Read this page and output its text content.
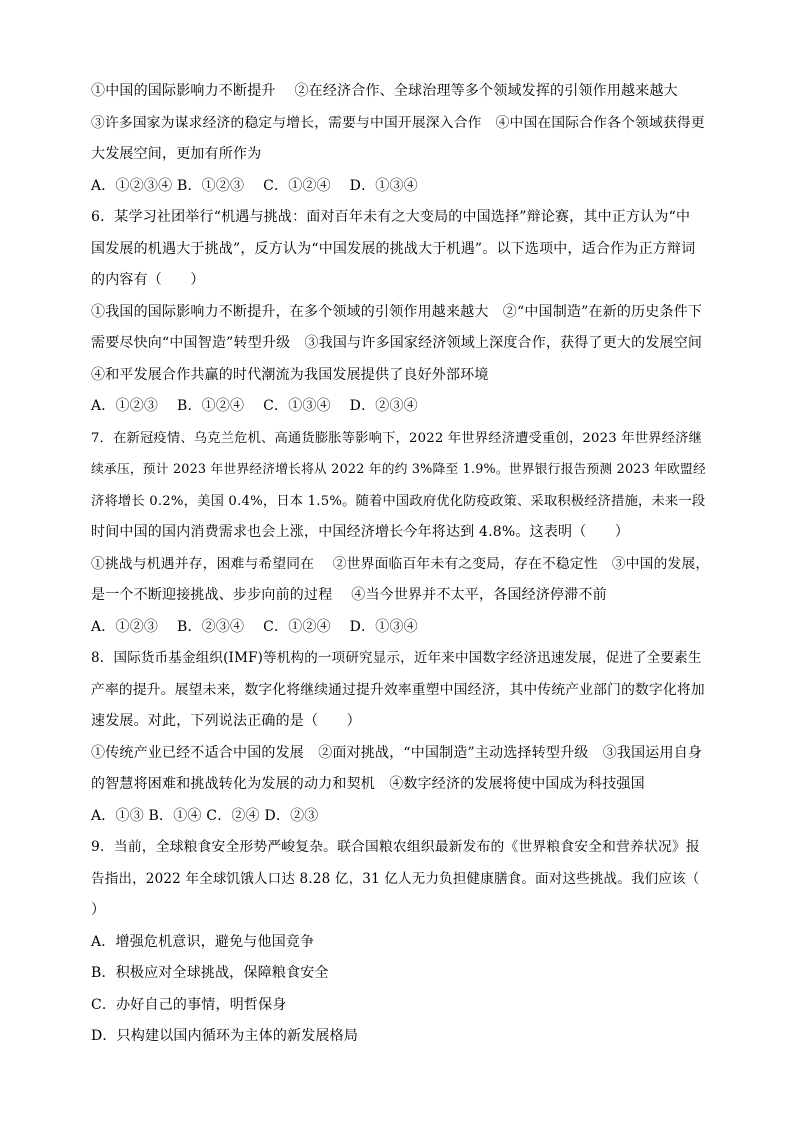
①中国的国际影响力不断提升　 ②在经济合作、全球治理等多个领域发挥的引领作用越来越大
③许多国家为谋求经济的稳定与增长，需要与中国开展深入合作　④中国在国际合作各个领域获得更
大发展空间，更加有所作为
A．①②③④ B．①②③　 C．①②④　 D．①③④
6．某学习社团举行“机遇与挑战：面对百年未有之大变局的中国选择”辩论赛，其中正方认为“中
国发展的机遇大于挑战”，反方认为“中国发展的挑战大于机遇”。以下选项中，适合作为正方辩词
的内容有（　　）
①我国的国际影响力不断提升，在多个领域的引领作用越来越大　②“中国制造”在新的历史条件下
需要尽快向“中国智造”转型升级　③我国与许多国家经济领域上深度合作，获得了更大的发展空间
④和平发展合作共赢的时代潮流为我国发展提供了良好外部环境
A．①②③　 B．①②④　 C．①③④　 D．②③④
7．在新冠疫情、乌克兰危机、高通货膨胀等影响下，2022 年世界经济遭受重创，2023 年世界经济继
续承压，预计 2023 年世界经济增长将从 2022 年的约 3%降至 1.9%。世界银行报告预测 2023 年欧盟经
济将增长 0.2%，美国 0.4%，日本 1.5%。随着中国政府优化防疫政策、采取积极经济措施，未来一段
时间中国的国内消费需求也会上涨，中国经济增长今年将达到 4.8%。这表明（　　）
①挑战与机遇并存，困难与希望同在　 ②世界面临百年未有之变局，存在不稳定性　③中国的发展，
是一个不断迎接挑战、步步向前的过程　 ④当今世界并不太平，各国经济停滞不前
A．①②③　 B．②③④　 C．①②④　 D．①③④
8．国际货币基金组织(IMF)等机构的一项研究显示，近年来中国数字经济迅速发展，促进了全要素生
产率的提升。展望未来，数字化将继续通过提升效率重塑中国经济，其中传统产业部门的数字化将加
速发展。对此，下列说法正确的是（　　）
①传统产业已经不适合中国的发展　②面对挑战，“中国制造”主动选择转型升级　③我国运用自身
的智慧将困难和挑战转化为发展的动力和契机　④数字经济的发展将使中国成为科技强国
A．①③ B．①④ C．②④ D．②③
9．当前，全球粮食安全形势严峻复杂。联合国粮农组织最新发布的《世界粮食安全和营养状况》报
告指出，2022 年全球饥饿人口达 8.28 亿，31 亿人无力负担健康膳食。面对这些挑战。我们应该（
）
A．增强危机意识，避免与他国竞争
B．积极应对全球挑战，保障粮食安全
C．办好自己的事情，明哲保身
D．只构建以国内循环为主体的新发展格局
